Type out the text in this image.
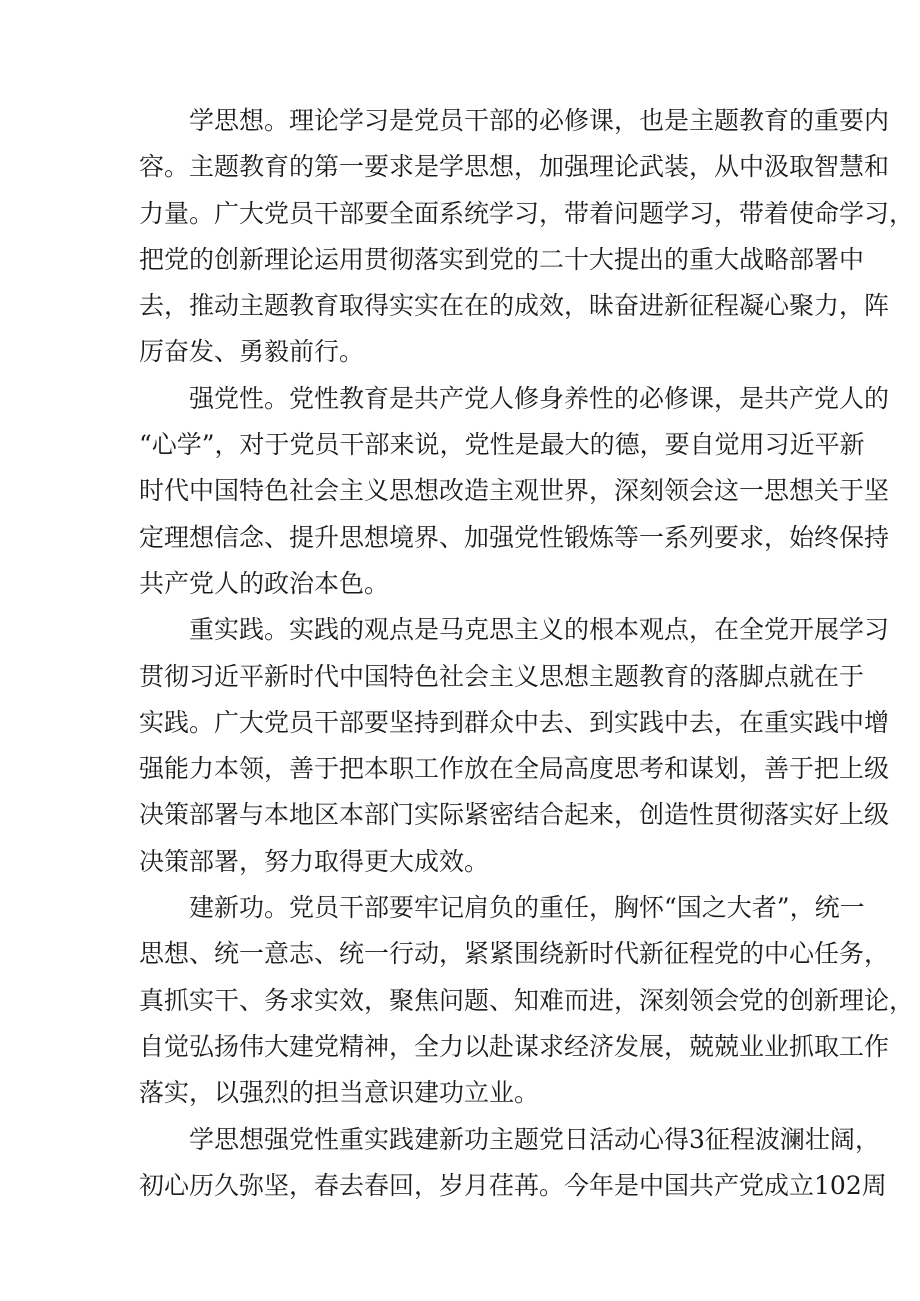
学思想。理论学习是党员干部的必修课，也是主题教育的重要内
容。主题教育的第一要求是学思想，加强理论武装，从中汲取智慧和
力量。广大党员干部要全面系统学习，带着问题学习，带着使命学习，
把党的创新理论运用贯彻落实到党的二十大提出的重大战略部署中
去，推动主题教育取得实实在在的成效，昧奋进新征程凝心聚力，阵
厉奋发、勇毅前行。
强党性。党性教育是共产党人修身养性的必修课，是共产党人的
“心学”，对于党员干部来说，党性是最大的德，要自觉用习近平新
时代中国特色社会主义思想改造主观世界，深刻领会这一思想关于坚
定理想信念、提升思想境界、加强党性锻炼等一系列要求，始终保持
共产党人的政治本色。
重实践。实践的观点是马克思主义的根本观点，在全党开展学习
贯彻习近平新时代中国特色社会主义思想主题教育的落脚点就在于
实践。广大党员干部要坚持到群众中去、到实践中去，在重实践中增
强能力本领，善于把本职工作放在全局高度思考和谋划，善于把上级
决策部署与本地区本部门实际紧密结合起来，创造性贯彻落实好上级
决策部署，努力取得更大成效。
建新功。党员干部要牢记肩负的重任，胸怀“国之大者”，统一
思想、统一意志、统一行动，紧紧围绕新时代新征程党的中心任务，
真抓实干、务求实效，聚焦问题、知难而进，深刻领会党的创新理论，
自觉弘扬伟大建党精神，全力以赴谋求经济发展，兢兢业业抓取工作
落实，以强烈的担当意识建功立业。
学思想强党性重实践建新功主题党日活动心得3征程波澜壮阔，
初心历久弥坚，春去春回，岁月荏苒。今年是中国共产党成立102周
